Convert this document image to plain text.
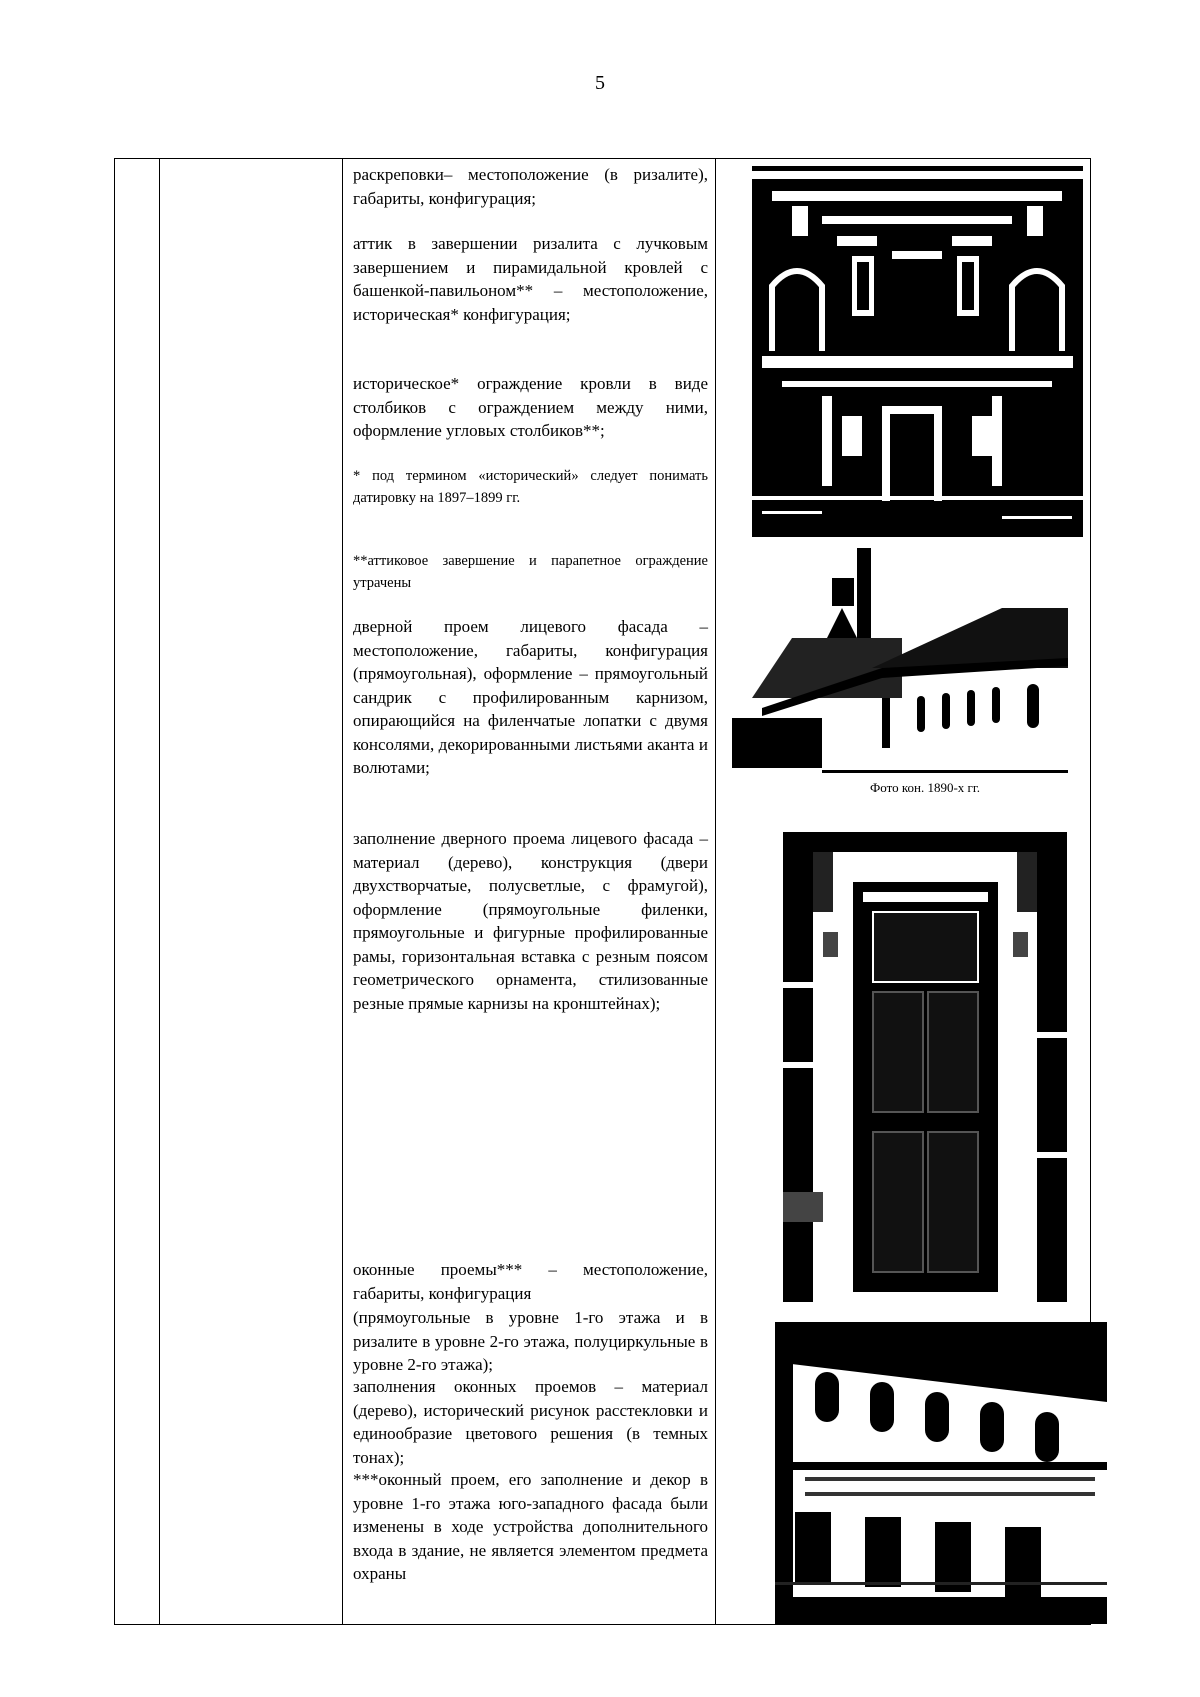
5
раскреповки– местоположение (в ризалите), габариты, конфигурация;
аттик в завершении ризалита с лучковым завершением и пирамидальной кровлей с башенкой-павильоном** – местоположение, историческая* конфигурация;
историческое* ограждение кровли в виде столбиков с ограждением между ними, оформление угловых столбиков**;
* под термином «исторический» следует понимать датировку на 1897–1899 гг.
**аттиковое завершение и парапетное ограждение утрачены
дверной проем лицевого фасада – местоположение, габариты, конфигурация (прямоугольная), оформление – прямоугольный сандрик с профилированным карнизом, опирающийся на филенчатые лопатки с двумя консолями, декорированными листьями аканта и волютами;
заполнение дверного проема лицевого фасада – материал (дерево), конструкция (двери двухстворчатые, полусветлые, с фрамугой), оформление (прямоугольные филенки, прямоугольные и фигурные профилированные рамы, горизонтальная вставка с резным поясом геометрического орнамента, стилизованные резные прямые карнизы на кронштейнах);
оконные проемы*** – местоположение, габариты, конфигурация
(прямоугольные в уровне 1-го этажа и в ризалите в уровне 2-го этажа, полуциркульные в уровне 2-го этажа);
заполнения оконных проемов – материал (дерево), исторический рисунок расстекловки и единообразие цветового решения (в темных тонах);
***оконный проем, его заполнение и декор в уровне 1-го этажа юго-западного фасада были изменены в ходе устройства дополнительного входа в здание, не является элементом предмета охраны
Фото кон. 1890-х гг.
